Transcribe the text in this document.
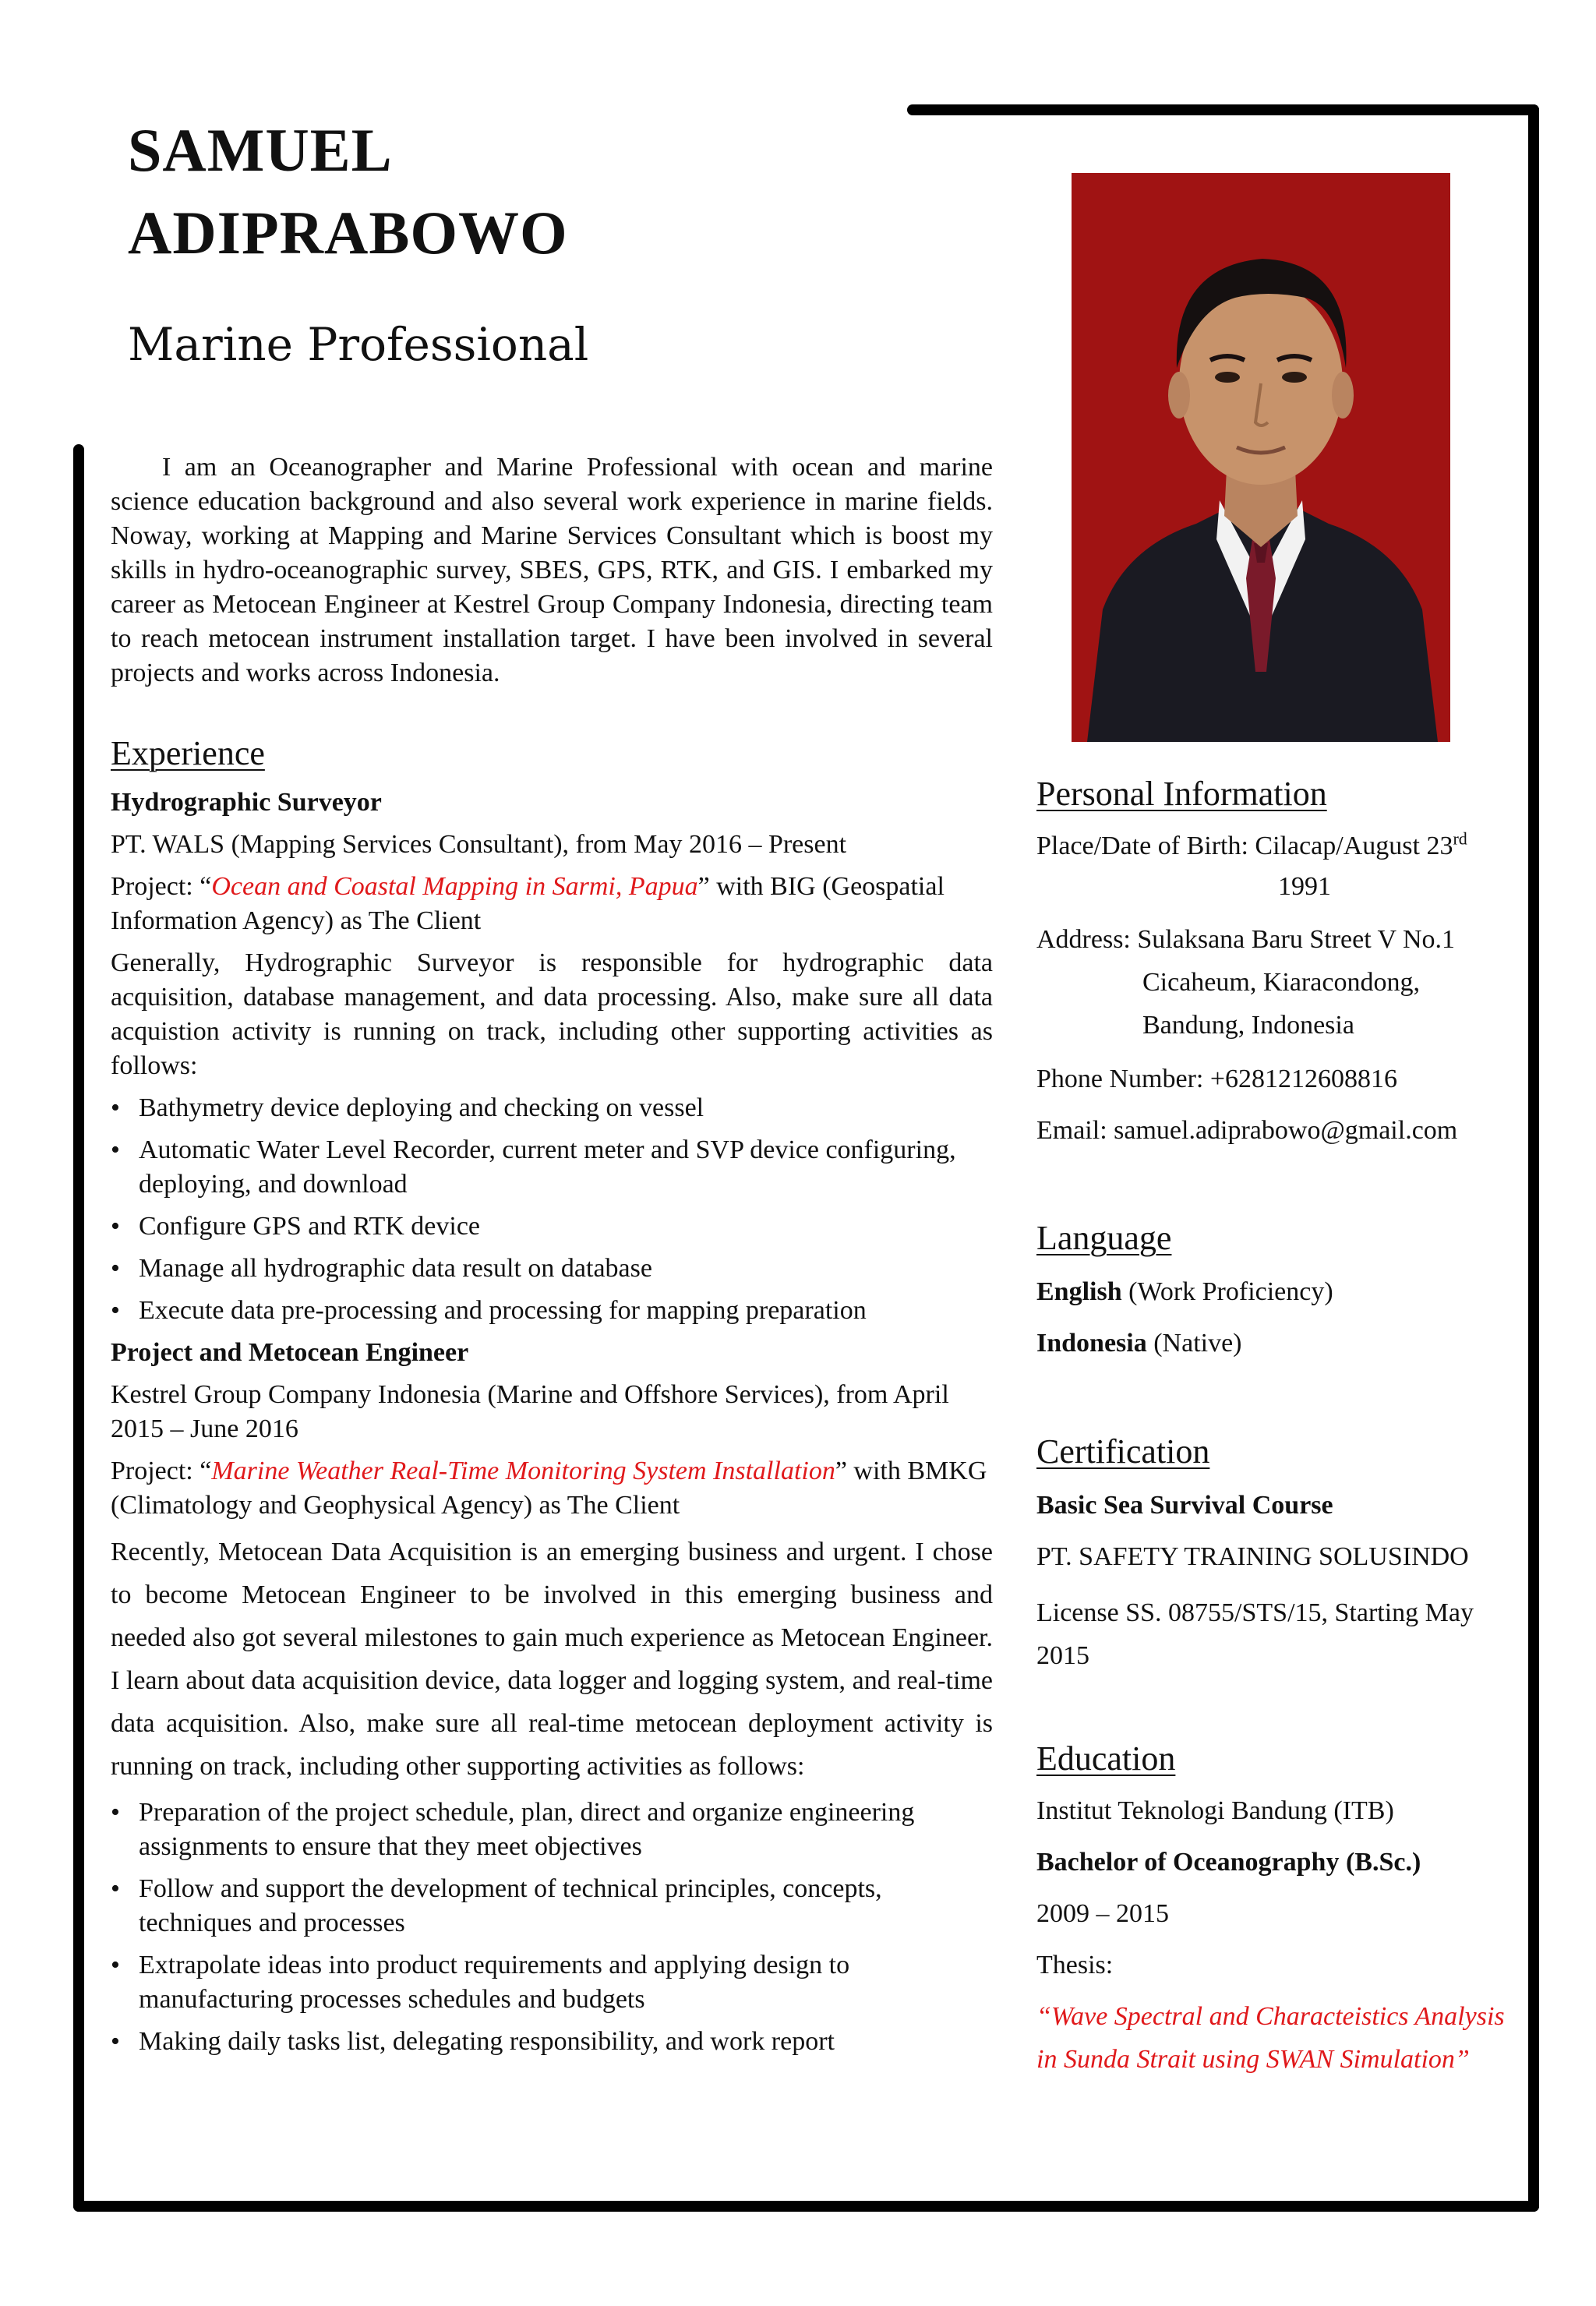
SAMUEL
ADIPRABOWO
Marine Professional
I am an Oceanographer and Marine Professional with ocean and marine science education background and also several work experience in marine fields. Noway, working at Mapping and Marine Services Consultant which is boost my skills in hydro-oceanographic survey, SBES, GPS, RTK, and GIS. I embarked my career as Metocean Engineer at Kestrel Group Company Indonesia, directing team to reach metocean instrument installation target. I have been involved in several projects and works across Indonesia.
Experience
Hydrographic Surveyor
PT. WALS (Mapping Services Consultant), from May 2016 – Present
Project: “Ocean and Coastal Mapping in Sarmi, Papua” with BIG (Geospatial Information Agency) as The Client
Generally, Hydrographic Surveyor is responsible for hydrographic data acquisition, database management, and data processing. Also, make sure all data acquistion activity is running on track, including other supporting activities as follows:
• Bathymetry device deploying and checking on vessel
• Automatic Water Level Recorder, current meter and SVP device configuring, deploying, and download
• Configure GPS and RTK device
• Manage all hydrographic data result on database
• Execute data pre-processing and processing for mapping preparation
Project and Metocean Engineer
Kestrel Group Company Indonesia (Marine and Offshore Services), from April 2015 – June 2016
Project: “Marine Weather Real-Time Monitoring System Installation” with BMKG (Climatology and Geophysical Agency) as The Client
Recently, Metocean Data Acquisition is an emerging business and urgent. I chose to become Metocean Engineer to be involved in this emerging business and needed also got several milestones to gain much experience as Metocean Engineer. I learn about data acquisition device, data logger and logging system, and real-time data acquisition. Also, make sure all real-time metocean deployment activity is running on track, including other supporting activities as follows:
• Preparation of the project schedule, plan, direct and organize engineering assignments to ensure that they meet objectives
• Follow and support the development of technical principles, concepts, techniques and processes
• Extrapolate ideas into product requirements and applying design to manufacturing processes schedules and budgets
• Making daily tasks list, delegating responsibility, and work report
Personal Information
Place/Date of Birth: Cilacap/August 23rd
1991
Address: Sulaksana Baru Street V No.1
Cicaheum, Kiaracondong,
Bandung, Indonesia
Phone Number: +6281212608816
Email: samuel.adiprabowo@gmail.com
Language
English (Work Proficiency)
Indonesia (Native)
Certification
Basic Sea Survival Course
PT. SAFETY TRAINING SOLUSINDO
License SS. 08755/STS/15, Starting May 2015
Education
Institut Teknologi Bandung (ITB)
Bachelor of Oceanography (B.Sc.)
2009 – 2015
Thesis:
“Wave Spectral and Characteistics Analysis in Sunda Strait using SWAN Simulation”
